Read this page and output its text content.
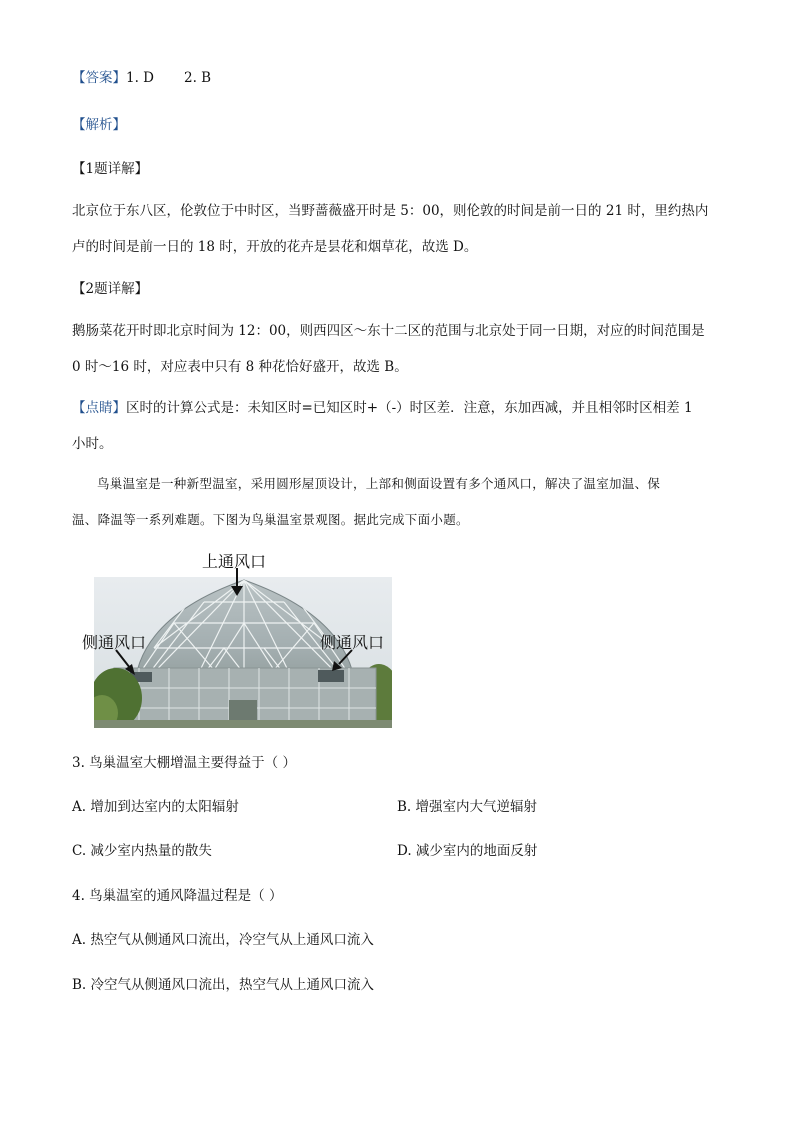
【答案】1. D 2. B
【解析】
【1题详解】
北京位于东八区，伦敦位于中时区，当野蔷薇盛开时是 5：00，则伦敦的时间是前一日的 21 时，里约热内
卢的时间是前一日的 18 时，开放的花卉是昙花和烟草花，故选 D。
【2题详解】
鹅肠菜花开时即北京时间为 12：00，则西四区～东十二区的范围与北京处于同一日期，对应的时间范围是
0 时～16 时，对应表中只有 8 种花恰好盛开，故选 B。
【点睛】区时的计算公式是：未知区时=已知区时+（-）时区差．注意，东加西减，并且相邻时区相差 1
小时。
鸟巢温室是一种新型温室，采用圆形屋顶设计，上部和侧面设置有多个通风口，解决了温室加温、保
温、降温等一系列难题。下图为鸟巢温室景观图。据此完成下面小题。
上通风口
侧通风口	侧通风口
3. 鸟巢温室大棚增温主要得益于（ ）
A. 增加到达室内的太阳辐射	B. 增强室内大气逆辐射
C. 减少室内热量的散失	D. 减少室内的地面反射
4. 鸟巢温室的通风降温过程是（ ）
A. 热空气从侧通风口流出，冷空气从上通风口流入
B. 冷空气从侧通风口流出，热空气从上通风口流入
